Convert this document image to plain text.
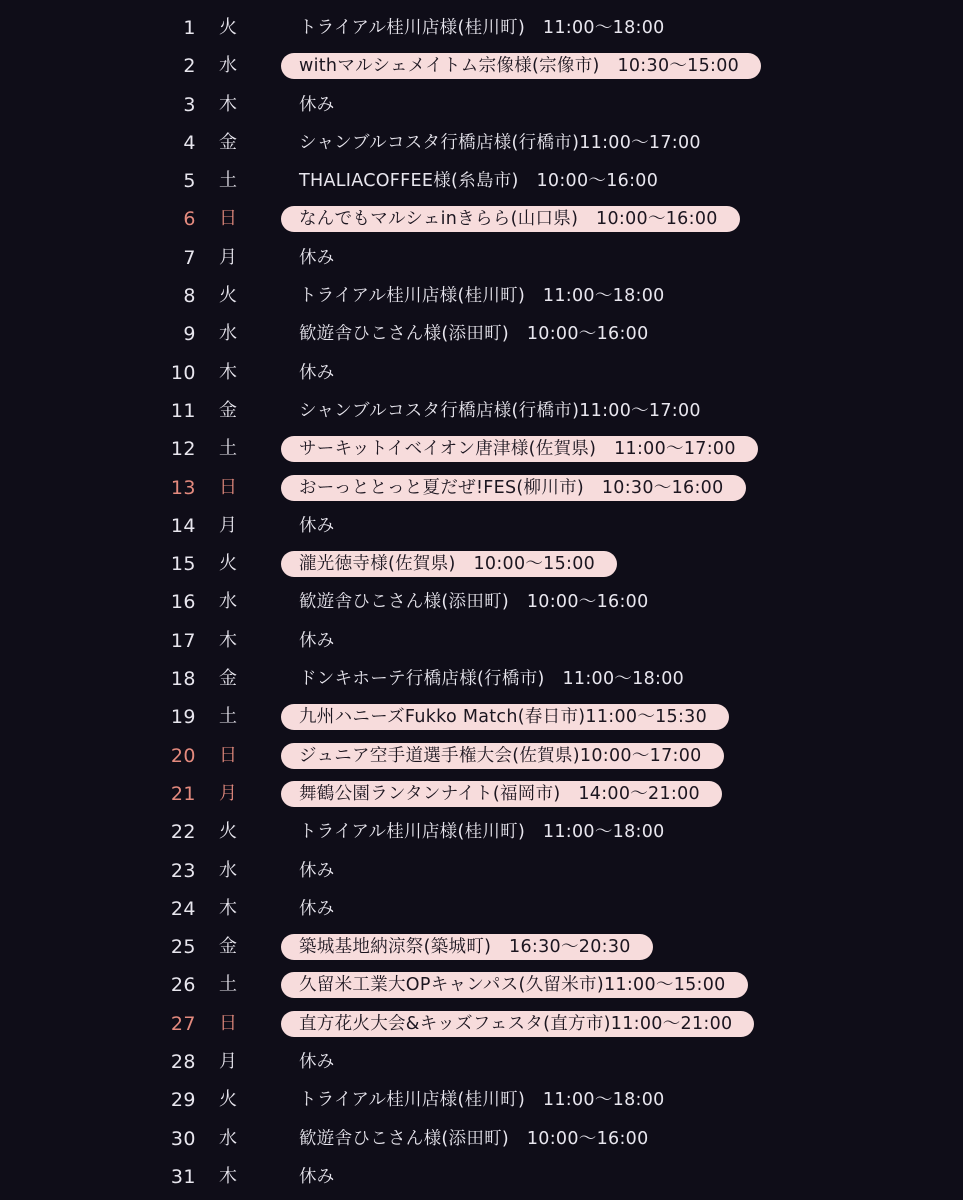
1 火	トライアル桂川店様(桂川町)　11:00〜18:00
2 水	withマルシェメイトム宗像様(宗像市)　10:30〜15:00
3 木	休み
4 金	シャンブルコスタ行橋店様(行橋市)11:00〜17:00
5 土	THALIACOFFEE様(糸島市)　10:00〜16:00
6 日	なんでもマルシェinきらら(山口県)　10:00〜16:00
7 月	休み
8 火	トライアル桂川店様(桂川町)　11:00〜18:00
9 水	歓遊舎ひこさん様(添田町)　10:00〜16:00
10 木	休み
11 金	シャンブルコスタ行橋店様(行橋市)11:00〜17:00
12 土	サーキットイベイオン唐津様(佐賀県)　11:00〜17:00
13 日	おーっととっと夏だぜ!FES(柳川市)　10:30〜16:00
14 月	休み
15 火	瀧光徳寺様(佐賀県)　10:00〜15:00
16 水	歓遊舎ひこさん様(添田町)　10:00〜16:00
17 木	休み
18 金	ドンキホーテ行橋店様(行橋市)　11:00〜18:00
19 土	九州ハニーズFukko Match(春日市)11:00〜15:30
20 日	ジュニア空手道選手権大会(佐賀県)10:00〜17:00
21 月	舞鶴公園ランタンナイト(福岡市)　14:00〜21:00
22 火	トライアル桂川店様(桂川町)　11:00〜18:00
23 水	休み
24 木	休み
25 金	築城基地納涼祭(築城町)　16:30〜20:30
26 土	久留米工業大OPキャンパス(久留米市)11:00〜15:00
27 日	直方花火大会&キッズフェスタ(直方市)11:00〜21:00
28 月	休み
29 火	トライアル桂川店様(桂川町)　11:00〜18:00
30 水	歓遊舎ひこさん様(添田町)　10:00〜16:00
31 木	休み
